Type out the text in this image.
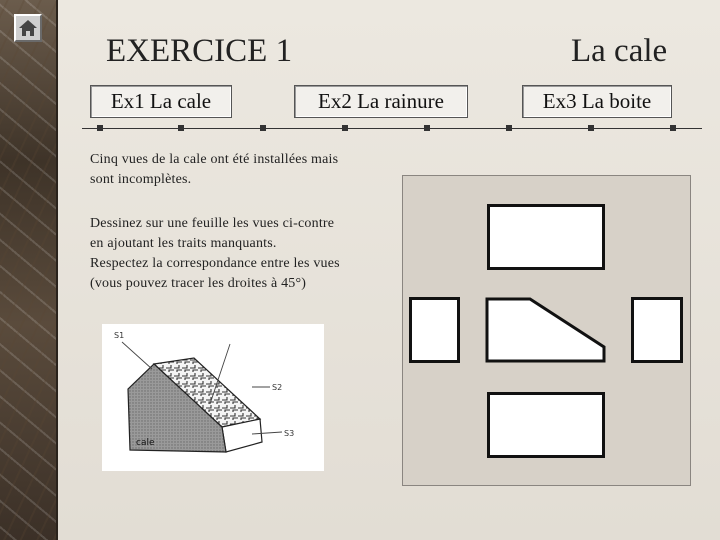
EXERCICE 1	La cale
Ex1 La cale	Ex2 La rainure	Ex3 La boite
Cinq vues de la cale ont été installées mais
sont incomplètes.
Dessinez sur une feuille les vues ci-contre
en ajoutant les traits manquants.
Respectez la correspondance entre les vues
(vous pouvez tracer les droites à 45°)
S1
S2
S3
cale
